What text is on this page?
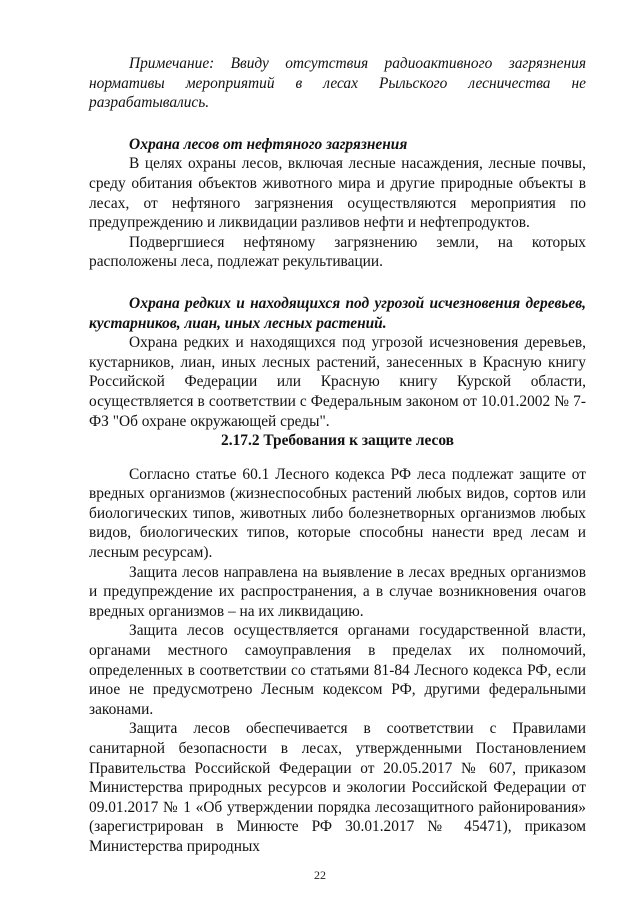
Примечание: Ввиду отсутствия радиоактивного загрязнения нормативы мероприятий в лесах Рыльского лесничества не разрабатывались.

Охрана лесов от нефтяного загрязнения

В целях охраны лесов, включая лесные насаждения, лесные почвы, среду обитания объектов животного мира и другие природные объекты в лесах, от нефтяного загрязнения осуществляются мероприятия по предупреждению и ликвидации разливов нефти и нефтепродуктов.

Подвергшиеся нефтяному загрязнению земли, на которых расположены леса, подлежат рекультивации.

Охрана редких и находящихся под угрозой исчезновения деревьев, кустарников, лиан, иных лесных растений.

Охрана редких и находящихся под угрозой исчезновения деревьев, кустарников, лиан, иных лесных растений, занесенных в Красную книгу Российской Федерации или Красную книгу Курской области, осуществляется в соответствии с Федеральным законом от 10.01.2002 № 7-ФЗ "Об охране окружающей среды".

2.17.2 Требования к защите лесов

Согласно статье 60.1 Лесного кодекса РФ леса подлежат защите от вредных организмов (жизнеспособных растений любых видов, сортов или биологических типов, животных либо болезнетворных организмов любых видов, биологических типов, которые способны нанести вред лесам и лесным ресурсам).

Защита лесов направлена на выявление в лесах вредных организмов и предупреждение их распространения, а в случае возникновения очагов вредных организмов – на их ликвидацию.

Защита лесов осуществляется органами государственной власти, органами местного самоуправления в пределах их полномочий, определенных в соответствии со статьями 81-84 Лесного кодекса РФ, если иное не предусмотрено Лесным кодексом РФ, другими федеральными законами.

Защита лесов обеспечивается в соответствии с Правилами санитарной безопасности в лесах, утвержденными Постановлением Правительства Российской Федерации от 20.05.2017 № 607, приказом Министерства природных ресурсов и экологии Российской Федерации от 09.01.2017 № 1 «Об утверждении порядка лесозащитного районирования» (зарегистрирован в Минюсте РФ 30.01.2017 № 45471), приказом Министерства природных

22
